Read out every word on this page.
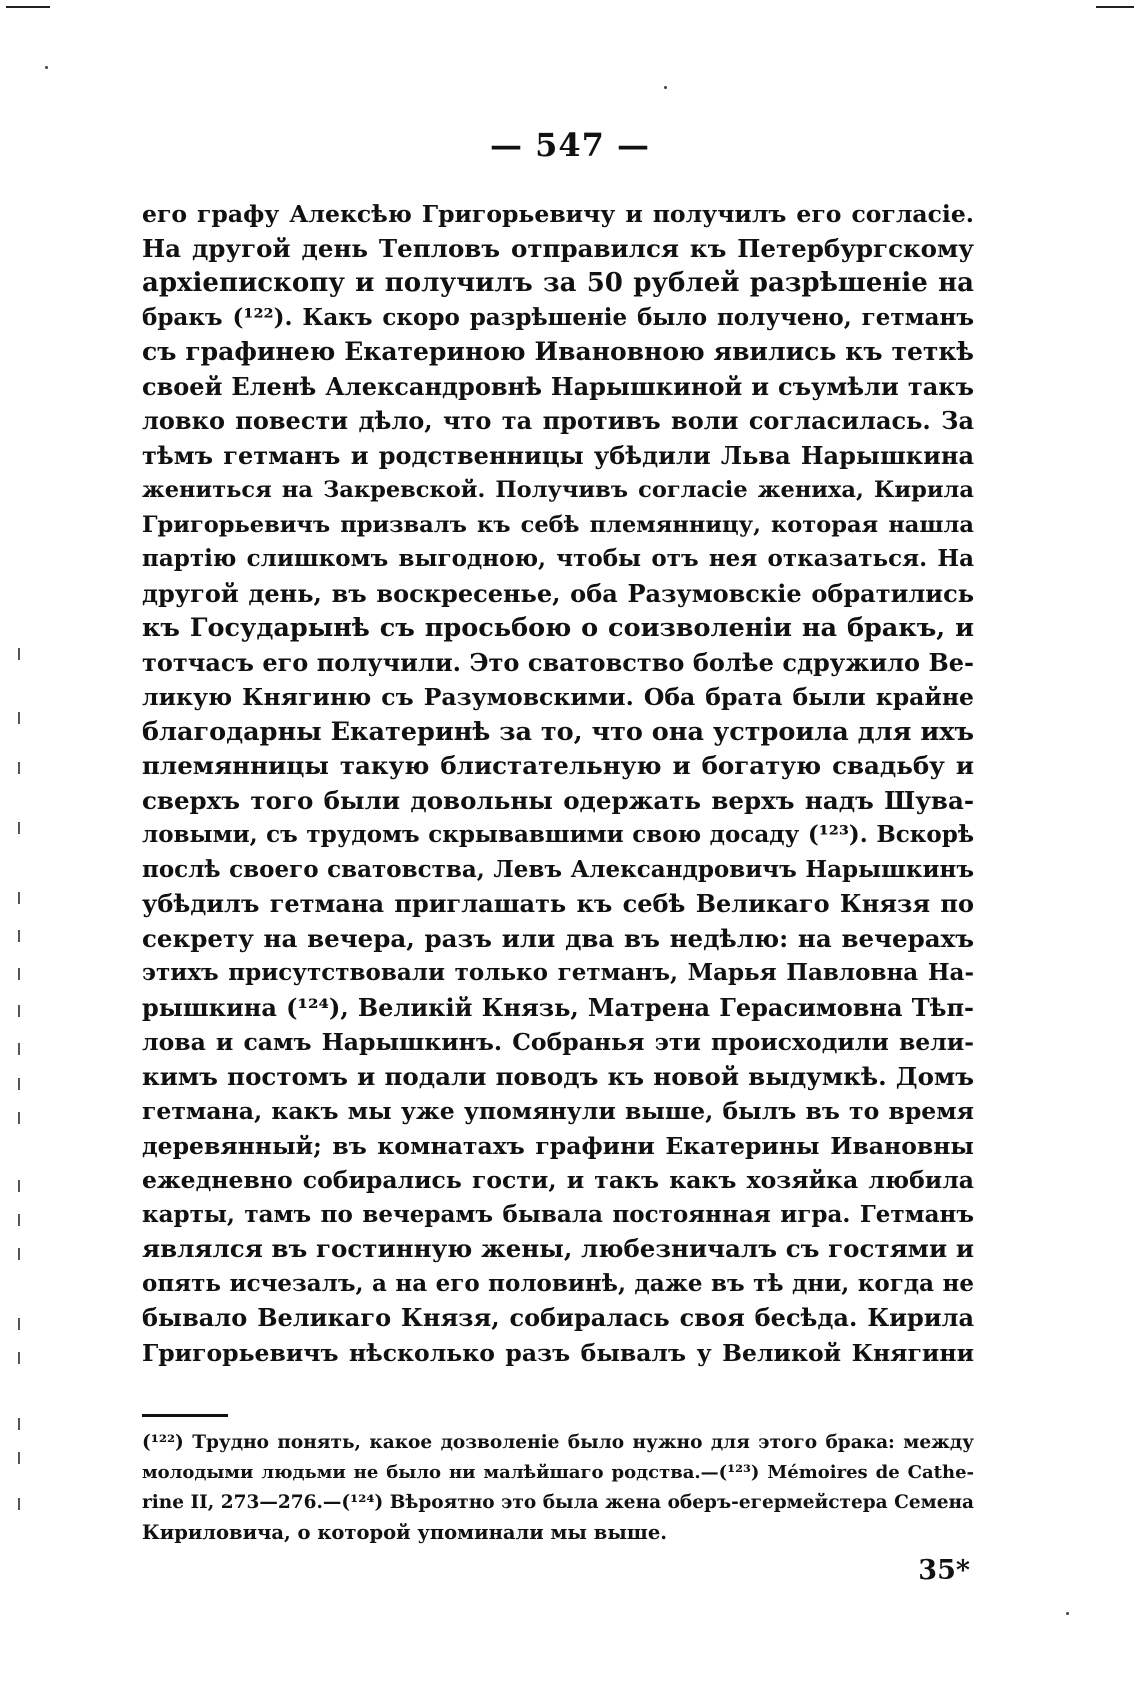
— 547 —
его графу Алексѣю Григорьевичу и получилъ его согласіе.
На другой день Тепловъ отправился къ Петербургскому
архіепископу и получилъ за 50 рублей разрѣшеніе на
бракъ (¹²²). Какъ скоро разрѣшеніе было получено, гетманъ
съ графинею Екатериною Ивановною явились къ теткѣ
своей Еленѣ Александровнѣ Нарышкиной и съумѣли такъ
ловко повести дѣло, что та противъ воли согласилась. За
тѣмъ гетманъ и родственницы убѣдили Льва Нарышкина
жениться на Закревской. Получивъ согласіе жениха, Кирила
Григорьевичъ призвалъ къ себѣ племянницу, которая нашла
партію слишкомъ выгодною, чтобы отъ нея отказаться. На
другой день, въ воскресенье, оба Разумовскіе обратились
къ Государынѣ съ просьбою о соизволеніи на бракъ, и
тотчасъ его получили. Это сватовство болѣе сдружило Ве-
ликую Княгиню съ Разумовскими. Оба брата были крайне
благодарны Екатеринѣ за то, что она устроила для ихъ
племянницы такую блистательную и богатую свадьбу и
сверхъ того были довольны одержать верхъ надъ Шува-
ловыми, съ трудомъ скрывавшими свою досаду (¹²³). Вскорѣ
послѣ своего сватовства, Левъ Александровичъ Нарышкинъ
убѣдилъ гетмана приглашать къ себѣ Великаго Князя по
секрету на вечера, разъ или два въ недѣлю: на вечерахъ
этихъ присутствовали только гетманъ, Марья Павловна На-
рышкина (¹²⁴), Великій Князь, Матрена Герасимовна Тѣп-
лова и самъ Нарышкинъ. Собранья эти происходили вели-
кимъ постомъ и подали поводъ къ новой выдумкѣ. Домъ
гетмана, какъ мы уже упомянули выше, былъ въ то время
деревянный; въ комнатахъ графини Екатерины Ивановны
ежедневно собирались гости, и такъ какъ хозяйка любила
карты, тамъ по вечерамъ бывала постоянная игра. Гетманъ
являлся въ гостинную жены, любезничалъ съ гостями и
опять исчезалъ, а на его половинѣ, даже въ тѣ дни, когда не
бывало Великаго Князя, собиралась своя бесѣда. Кирила
Григорьевичъ нѣсколько разъ бывалъ у Великой Княгини
(¹²²) Трудно понять, какое дозволеніе было нужно для этого брака: между
молодыми людьми не было ни малѣйшаго родства.—(¹²³) Mémoires de Cathe-
rine II, 273—276.—(¹²⁴) Вѣроятно это была жена оберъ-егермейстера Семена
Кириловича, о которой упоминали мы выше.
35*
